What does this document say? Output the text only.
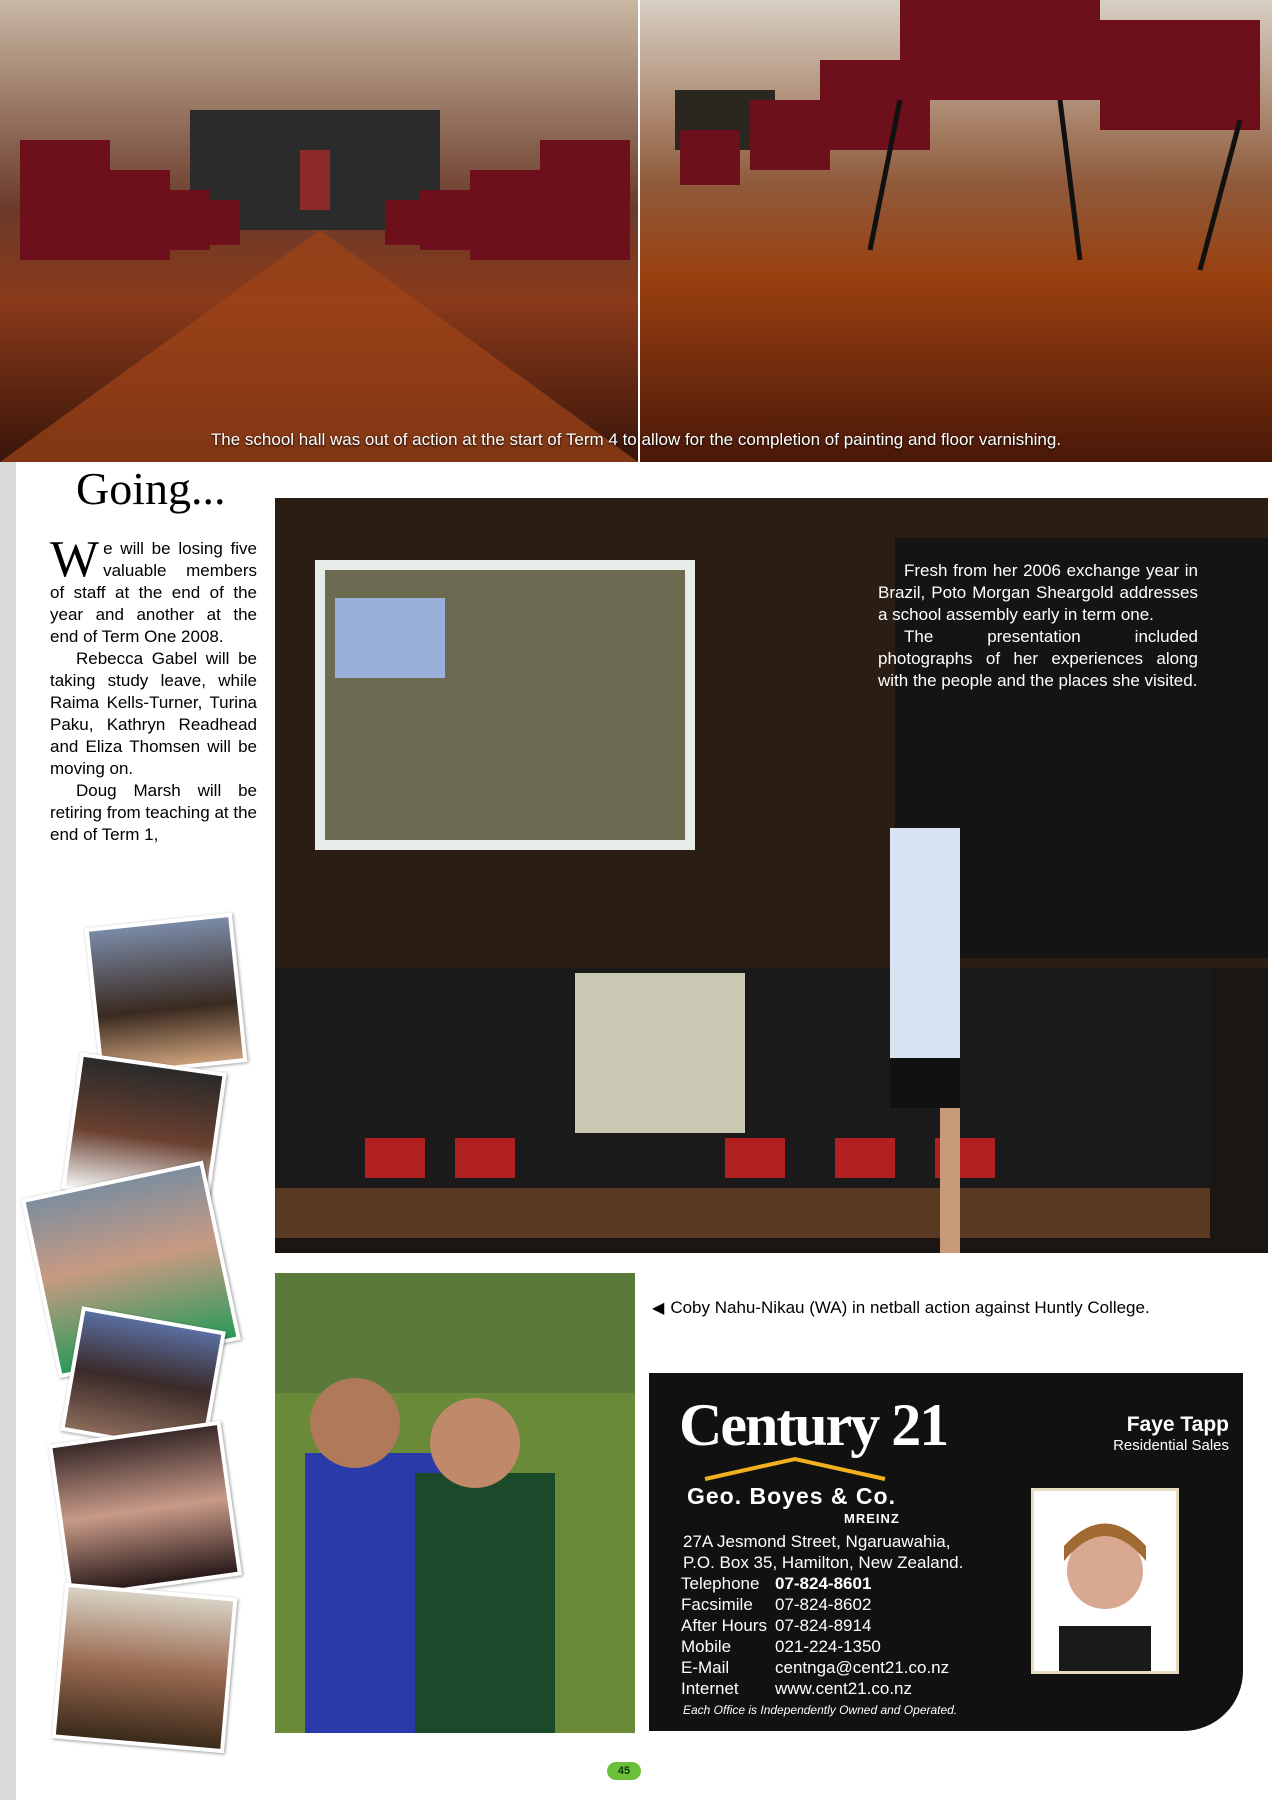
The school hall was out of action at the start of Term 4 to allow for the completion of painting and floor varnishing.
Going...

We will be losing five valuable members of staff at the end of the year and another at the end of Term One 2008.

Rebecca Gabel will be taking study leave, while Raima Kells-Turner, Turina Paku, Kathryn Readhead and Eliza Thomsen will be moving on.

Doug Marsh will be retiring from teaching at the end of Term 1,

Fresh from her 2006 exchange year in Brazil, Poto Morgan Sheargold addresses a school assembly early in term one.

The presentation included photographs of her experiences along with the people and the places she visited.

◀ Coby Nahu-Nikau (WA) in netball action against Huntly College.
Century 21
Geo. Boyes & Co.
MREINZ
27A Jesmond Street, Ngaruawahia,
P.O. Box 35, Hamilton, New Zealand.
Telephone	07-824-8601
Facsimile	07-824-8602
After Hours	07-824-8914
Mobile	021-224-1350
E-Mail	centnga@cent21.co.nz
Internet	www.cent21.co.nz
Each Office is Independently Owned and Operated.
Faye Tapp
Residential Sales
45
